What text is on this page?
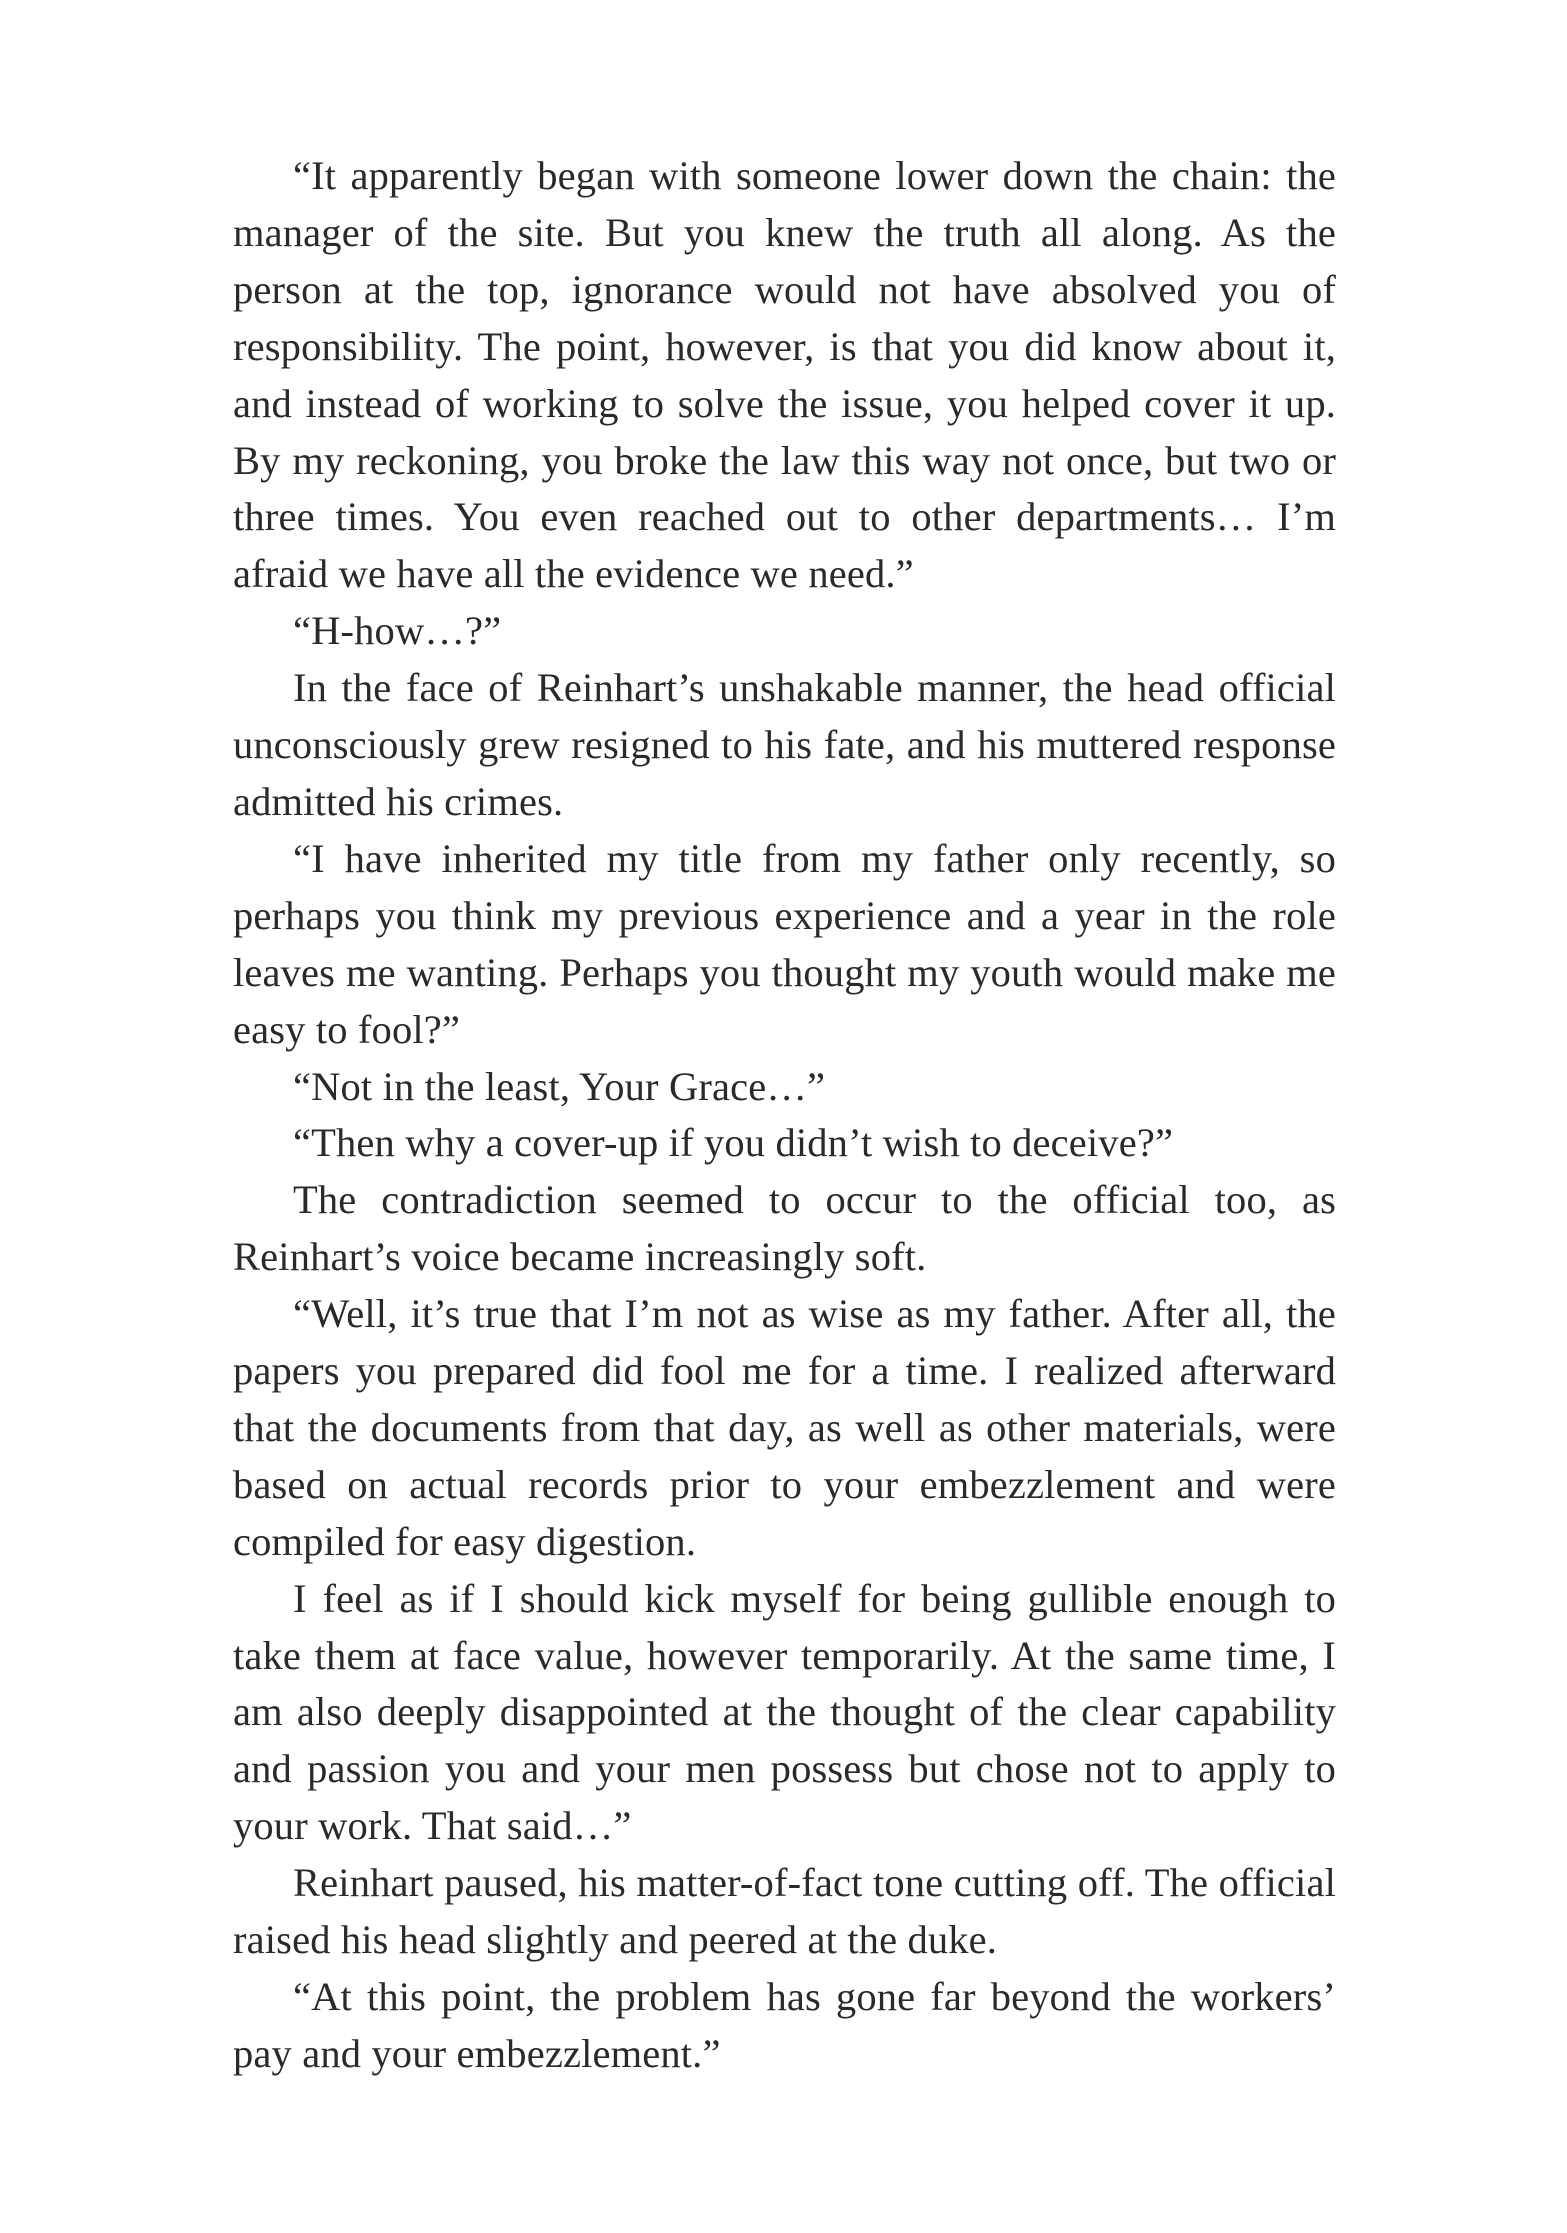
“It apparently began with someone lower down the chain: the manager of the site. But you knew the truth all along. As the person at the top, ignorance would not have absolved you of responsibility. The point, however, is that you did know about it, and instead of working to solve the issue, you helped cover it up. By my reckoning, you broke the law this way not once, but two or three times. You even reached out to other departments… I’m afraid we have all the evidence we need.”

“H-how…?”

In the face of Reinhart’s unshakable manner, the head official unconsciously grew resigned to his fate, and his muttered response admitted his crimes.

“I have inherited my title from my father only recently, so perhaps you think my previous experience and a year in the role leaves me wanting. Perhaps you thought my youth would make me easy to fool?”

“Not in the least, Your Grace…”

“Then why a cover-up if you didn’t wish to deceive?”

The contradiction seemed to occur to the official too, as Reinhart’s voice became increasingly soft.

“Well, it’s true that I’m not as wise as my father. After all, the papers you prepared did fool me for a time. I realized afterward that the documents from that day, as well as other materials, were based on actual records prior to your embezzlement and were compiled for easy digestion.

I feel as if I should kick myself for being gullible enough to take them at face value, however temporarily. At the same time, I am also deeply disappointed at the thought of the clear capability and passion you and your men possess but chose not to apply to your work. That said…”

Reinhart paused, his matter-of-fact tone cutting off. The official raised his head slightly and peered at the duke.

“At this point, the problem has gone far beyond the workers’ pay and your embezzlement.”
